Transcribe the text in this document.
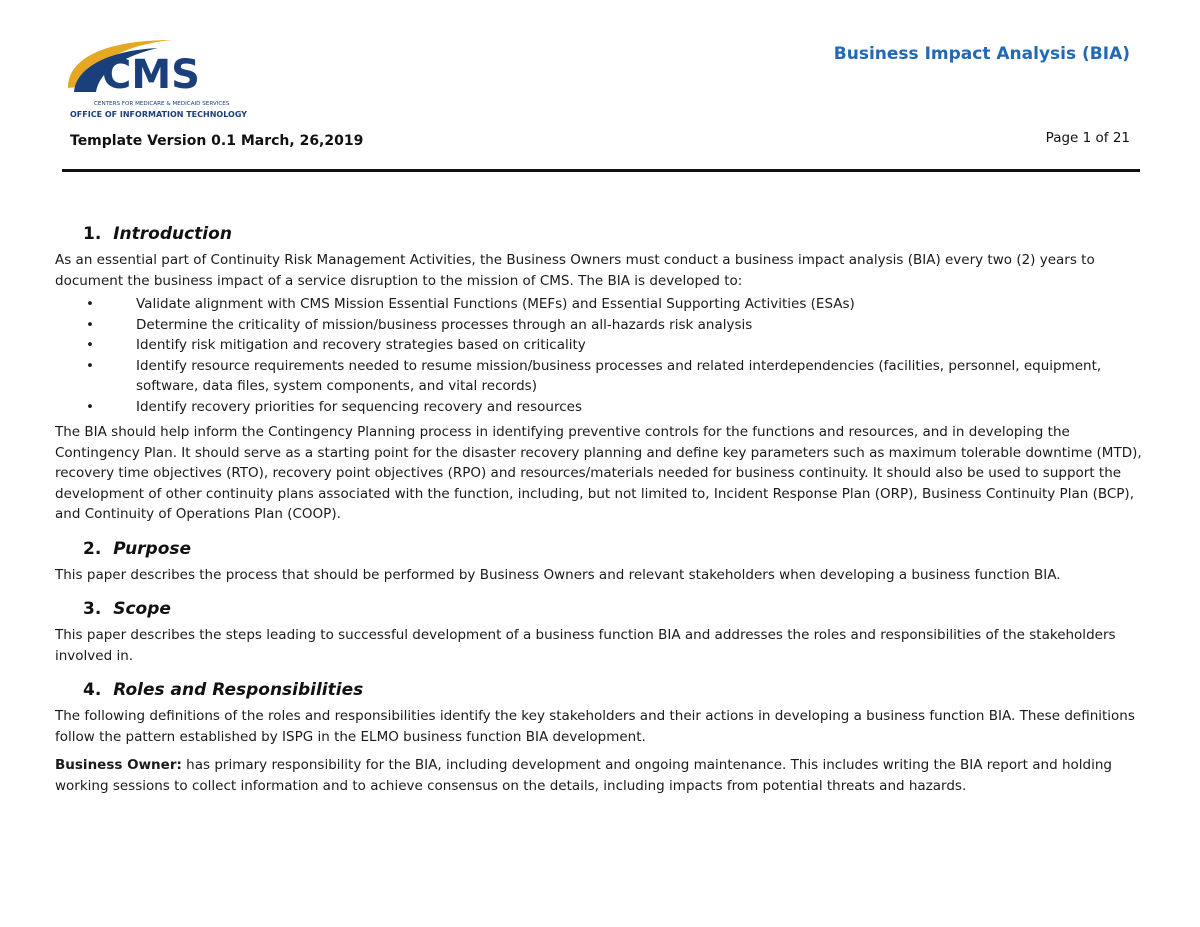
CMS
CENTERS FOR MEDICARE & MEDICAID SERVICES
OFFICE OF INFORMATION TECHNOLOGY
Business Impact Analysis (BIA)
Template Version 0.1 March, 26,2019	Page 1 of 21
1. Introduction

As an essential part of Continuity Risk Management Activities, the Business Owners must conduct a business impact analysis (BIA) every two (2) years to document the business impact of a service disruption to the mission of CMS. The BIA is developed to:

•	Validate alignment with CMS Mission Essential Functions (MEFs) and Essential Supporting Activities (ESAs)
•	Determine the criticality of mission/business processes through an all-hazards risk analysis
•	Identify risk mitigation and recovery strategies based on criticality
•	Identify resource requirements needed to resume mission/business processes and related interdependencies (facilities, personnel, equipment, software, data files, system components, and vital records)
•	Identify recovery priorities for sequencing recovery and resources

The BIA should help inform the Contingency Planning process in identifying preventive controls for the functions and resources, and in developing the Contingency Plan. It should serve as a starting point for the disaster recovery planning and define key parameters such as maximum tolerable downtime (MTD), recovery time objectives (RTO), recovery point objectives (RPO) and resources/materials needed for business continuity. It should also be used to support the development of other continuity plans associated with the function, including, but not limited to, Incident Response Plan (ORP), Business Continuity Plan (BCP), and Continuity of Operations Plan (COOP).

2. Purpose

This paper describes the process that should be performed by Business Owners and relevant stakeholders when developing a business function BIA.

3. Scope

This paper describes the steps leading to successful development of a business function BIA and addresses the roles and responsibilities of the stakeholders involved in.

4. Roles and Responsibilities

The following definitions of the roles and responsibilities identify the key stakeholders and their actions in developing a business function BIA. These definitions follow the pattern established by ISPG in the ELMO business function BIA development.

Business Owner: has primary responsibility for the BIA, including development and ongoing maintenance. This includes writing the BIA report and holding working sessions to collect information and to achieve consensus on the details, including impacts from potential threats and hazards.
